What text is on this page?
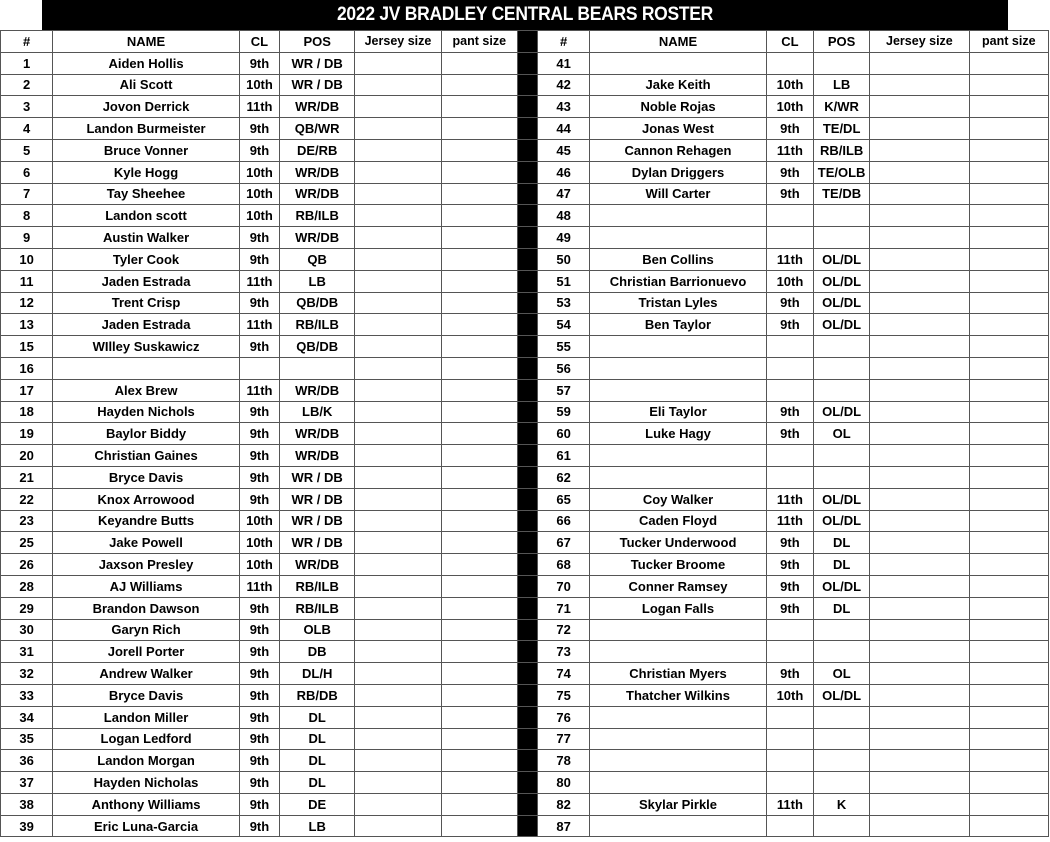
2022 JV BRADLEY CENTRAL BEARS ROSTER
#	NAME	CL	POS	Jersey size	pant size		#	NAME	CL	POS	Jersey size	pant size
1	Aiden Hollis	9th	WR / DB				41					
2	Ali Scott	10th	WR / DB				42	Jake Keith	10th	LB		
3	Jovon Derrick	11th	WR/DB				43	Noble Rojas	10th	K/WR		
4	Landon Burmeister	9th	QB/WR				44	Jonas West	9th	TE/DL		
5	Bruce Vonner	9th	DE/RB				45	Cannon Rehagen	11th	RB/ILB		
6	Kyle Hogg	10th	WR/DB				46	Dylan Driggers	9th	TE/OLB		
7	Tay Sheehee	10th	WR/DB				47	Will Carter	9th	TE/DB		
8	Landon scott	10th	RB/ILB				48					
9	Austin Walker	9th	WR/DB				49					
10	Tyler Cook	9th	QB				50	Ben Collins	11th	OL/DL		
11	Jaden Estrada	11th	LB				51	Christian Barrionuevo	10th	OL/DL		
12	Trent Crisp	9th	QB/DB				53	Tristan Lyles	9th	OL/DL		
13	Jaden Estrada	11th	RB/ILB				54	Ben Taylor	9th	OL/DL		
15	WIlley Suskawicz	9th	QB/DB				55					
16							56					
17	Alex Brew	11th	WR/DB				57					
18	Hayden Nichols	9th	LB/K				59	Eli Taylor	9th	OL/DL		
19	Baylor Biddy	9th	WR/DB				60	Luke Hagy	9th	OL		
20	Christian Gaines	9th	WR/DB				61					
21	Bryce Davis	9th	WR / DB				62					
22	Knox Arrowood	9th	WR / DB				65	Coy Walker	11th	OL/DL		
23	Keyandre Butts	10th	WR / DB				66	Caden Floyd	11th	OL/DL		
25	Jake Powell	10th	WR / DB				67	Tucker Underwood	9th	DL		
26	Jaxson Presley	10th	WR/DB				68	Tucker Broome	9th	DL		
28	AJ Williams	11th	RB/ILB				70	Conner Ramsey	9th	OL/DL		
29	Brandon Dawson	9th	RB/ILB				71	Logan Falls	9th	DL		
30	Garyn Rich	9th	OLB				72					
31	Jorell Porter	9th	DB				73					
32	Andrew Walker	9th	DL/H				74	Christian Myers	9th	OL		
33	Bryce Davis	9th	RB/DB				75	Thatcher Wilkins	10th	OL/DL		
34	Landon Miller	9th	DL				76					
35	Logan Ledford	9th	DL				77					
36	Landon Morgan	9th	DL				78					
37	Hayden Nicholas	9th	DL				80					
38	Anthony Williams	9th	DE				82	Skylar Pirkle	11th	K		
39	Eric Luna-Garcia	9th	LB				87					
